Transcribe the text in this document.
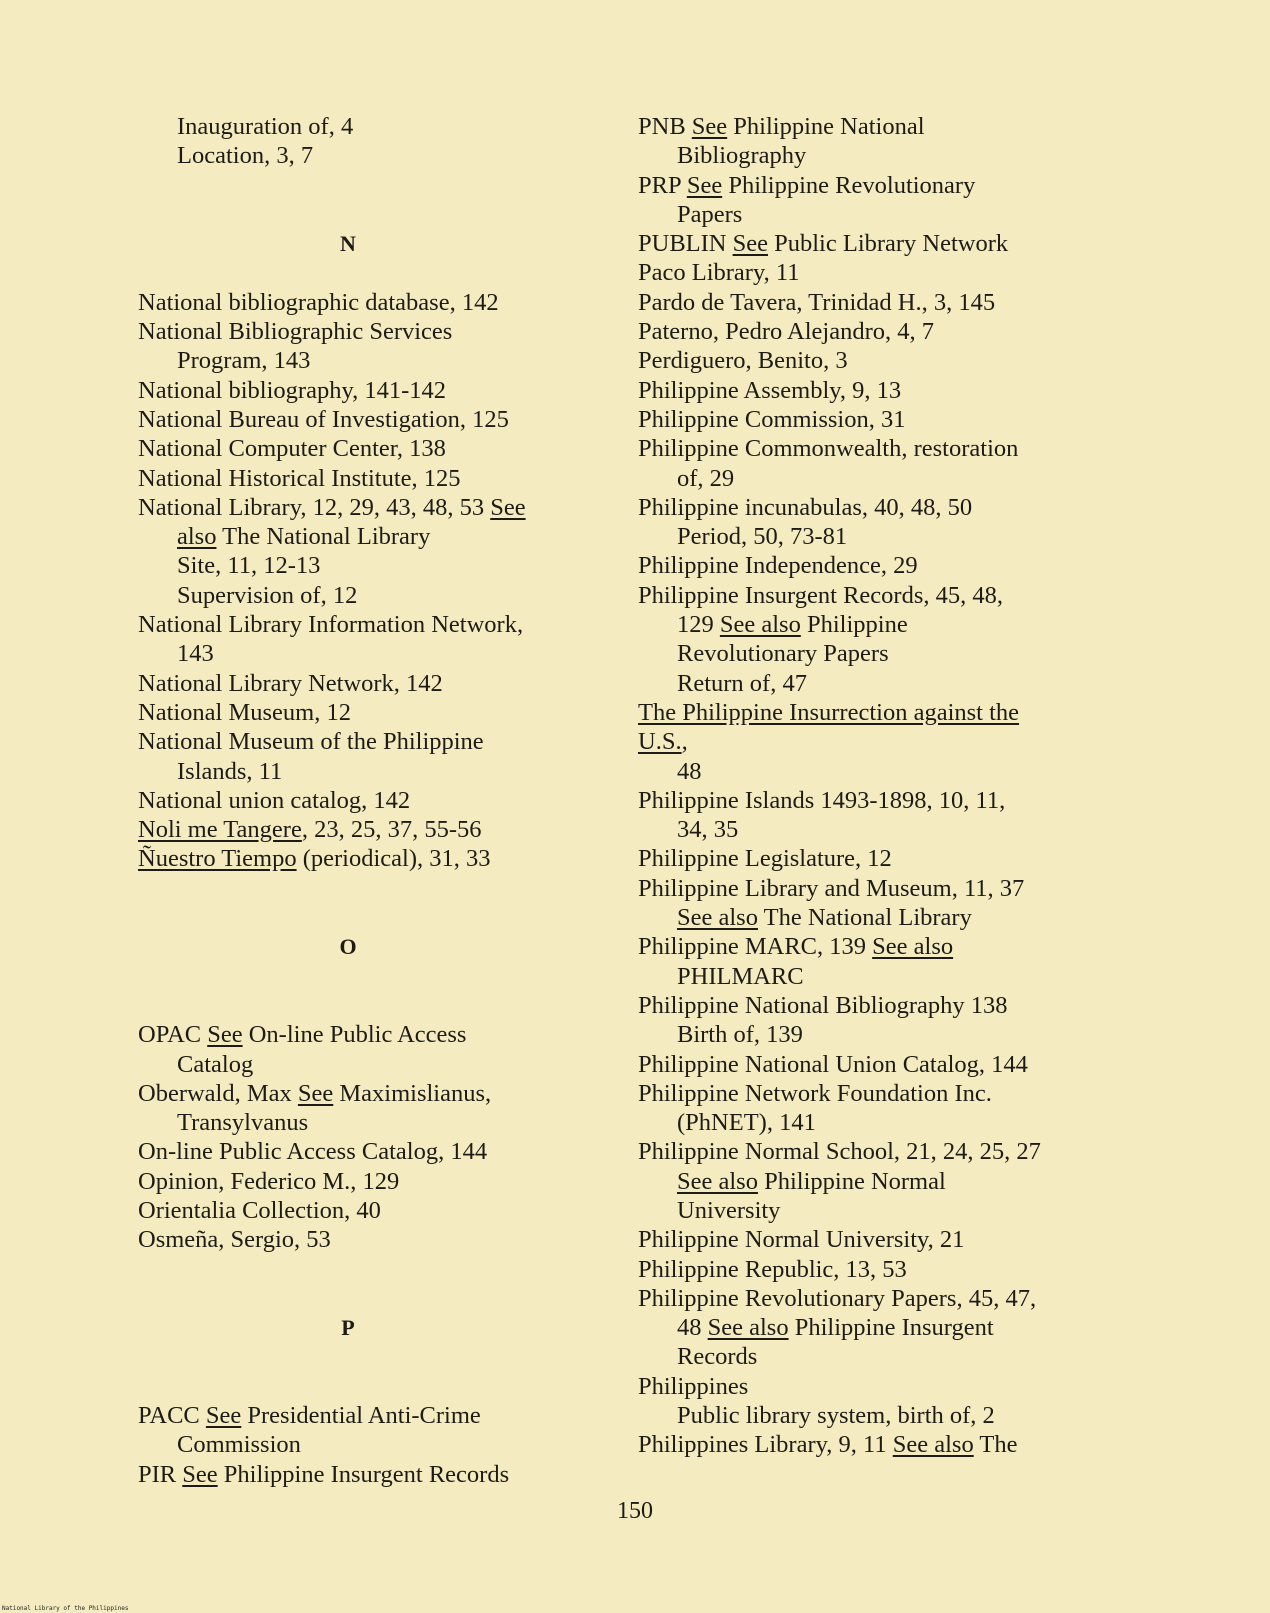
Inauguration of, 4
Location, 3, 7
N
National bibliographic database, 142
National Bibliographic Services
Program, 143
National bibliography, 141-142
National Bureau of Investigation, 125
National Computer Center, 138
National Historical Institute, 125
National Library, 12, 29, 43, 48, 53 See
also The National Library
Site, 11, 12-13
Supervision of, 12
National Library Information Network,
143
National Library Network, 142
National Museum, 12
National Museum of the Philippine
Islands, 11
National union catalog, 142
Noli me Tangere, 23, 25, 37, 55-56
Ñuestro Tiempo (periodical), 31, 33
O
OPAC See On-line Public Access
Catalog
Oberwald, Max See Maximislianus,
Transylvanus
On-line Public Access Catalog, 144
Opinion, Federico M., 129
Orientalia Collection, 40
Osmeña, Sergio, 53
P
PACC See Presidential Anti-Crime
Commission
PIR See Philippine Insurgent Records
PNB See Philippine National
Bibliography
PRP See Philippine Revolutionary
Papers
PUBLIN See Public Library Network
Paco Library, 11
Pardo de Tavera, Trinidad H., 3, 145
Paterno, Pedro Alejandro, 4, 7
Perdiguero, Benito, 3
Philippine Assembly, 9, 13
Philippine Commission, 31
Philippine Commonwealth, restoration
of, 29
Philippine incunabulas, 40, 48, 50
Period, 50, 73-81
Philippine Independence, 29
Philippine Insurgent Records, 45, 48,
129 See also Philippine
Revolutionary Papers
Return of, 47
The Philippine Insurrection against the
U.S.,
48
Philippine Islands 1493-1898, 10, 11,
34, 35
Philippine Legislature, 12
Philippine Library and Museum, 11, 37
See also The National Library
Philippine MARC, 139 See also
PHILMARC
Philippine National Bibliography 138
Birth of, 139
Philippine National Union Catalog, 144
Philippine Network Foundation Inc.
(PhNET), 141
Philippine Normal School, 21, 24, 25, 27
See also Philippine Normal
University
Philippine Normal University, 21
Philippine Republic, 13, 53
Philippine Revolutionary Papers, 45, 47,
48 See also Philippine Insurgent
Records
Philippines
Public library system, birth of, 2
Philippines Library, 9, 11 See also The
150
National Library of the Philippines
